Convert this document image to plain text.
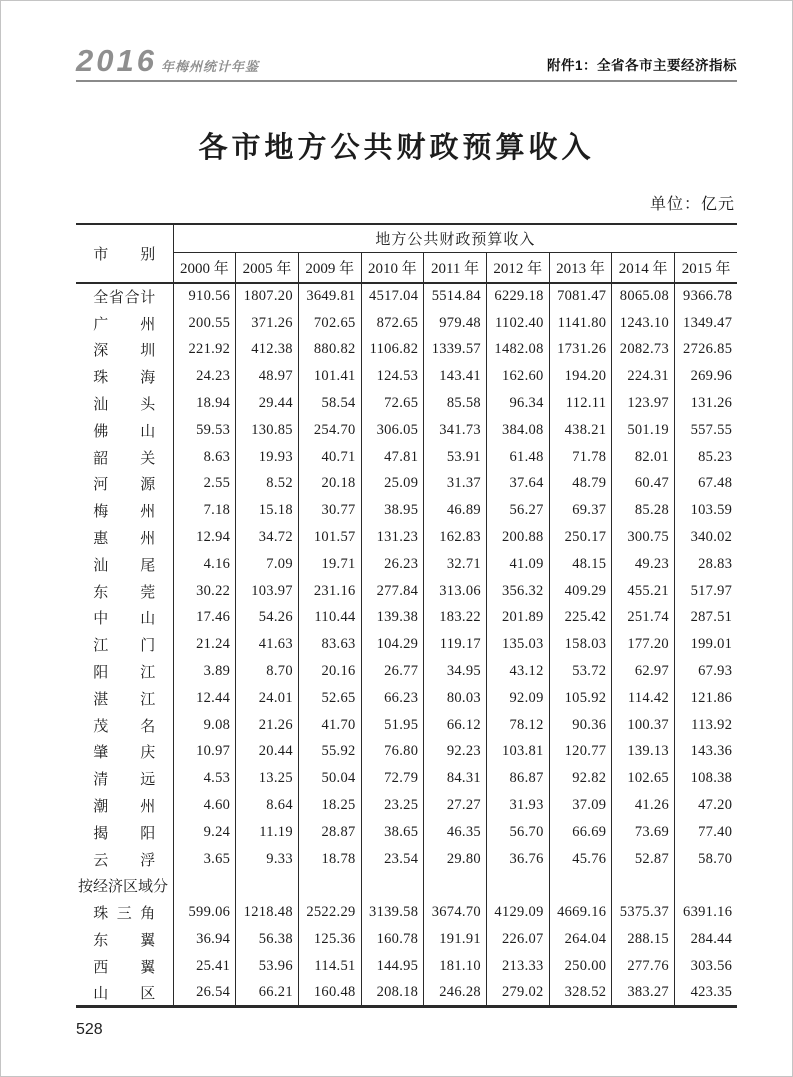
2016 年梅州统计年鉴	附件1：全省各市主要经济指标
各市地方公共财政预算收入
单位：亿元
市别	地方公共财政预算收入								
	2000 年	2005 年	2009 年	2010 年	2011 年	2012 年	2013 年	2014 年	2015 年

全省合计	910.56	1807.20	3649.81	4517.04	5514.84	6229.18	7081.47	8065.08	9366.78

广州	200.55	371.26	702.65	872.65	979.48	1102.40	1141.80	1243.10	1349.47

深圳	221.92	412.38	880.82	1106.82	1339.57	1482.08	1731.26	2082.73	2726.85

珠海	24.23	48.97	101.41	124.53	143.41	162.60	194.20	224.31	269.96

汕头	18.94	29.44	58.54	72.65	85.58	96.34	112.11	123.97	131.26

佛山	59.53	130.85	254.70	306.05	341.73	384.08	438.21	501.19	557.55

韶关	8.63	19.93	40.71	47.81	53.91	61.48	71.78	82.01	85.23

河源	2.55	8.52	20.18	25.09	31.37	37.64	48.79	60.47	67.48

梅州	7.18	15.18	30.77	38.95	46.89	56.27	69.37	85.28	103.59

惠州	12.94	34.72	101.57	131.23	162.83	200.88	250.17	300.75	340.02

汕尾	4.16	7.09	19.71	26.23	32.71	41.09	48.15	49.23	28.83

东莞	30.22	103.97	231.16	277.84	313.06	356.32	409.29	455.21	517.97

中山	17.46	54.26	110.44	139.38	183.22	201.89	225.42	251.74	287.51

江门	21.24	41.63	83.63	104.29	119.17	135.03	158.03	177.20	199.01

阳江	3.89	8.70	20.16	26.77	34.95	43.12	53.72	62.97	67.93

湛江	12.44	24.01	52.65	66.23	80.03	92.09	105.92	114.42	121.86

茂名	9.08	21.26	41.70	51.95	66.12	78.12	90.36	100.37	113.92

肇庆	10.97	20.44	55.92	76.80	92.23	103.81	120.77	139.13	143.36

清远	4.53	13.25	50.04	72.79	84.31	86.87	92.82	102.65	108.38

潮州	4.60	8.64	18.25	23.25	27.27	31.93	37.09	41.26	47.20

揭阳	9.24	11.19	28.87	38.65	46.35	56.70	66.69	73.69	77.40

云浮	3.65	9.33	18.78	23.54	29.80	36.76	45.76	52.87	58.70

按经济区域分									

珠三角	599.06	1218.48	2522.29	3139.58	3674.70	4129.09	4669.16	5375.37	6391.16

东翼	36.94	56.38	125.36	160.78	191.91	226.07	264.04	288.15	284.44

西翼	25.41	53.96	114.51	144.95	181.10	213.33	250.00	277.76	303.56

山区	26.54	66.21	160.48	208.18	246.28	279.02	328.52	383.27	423.35
528
